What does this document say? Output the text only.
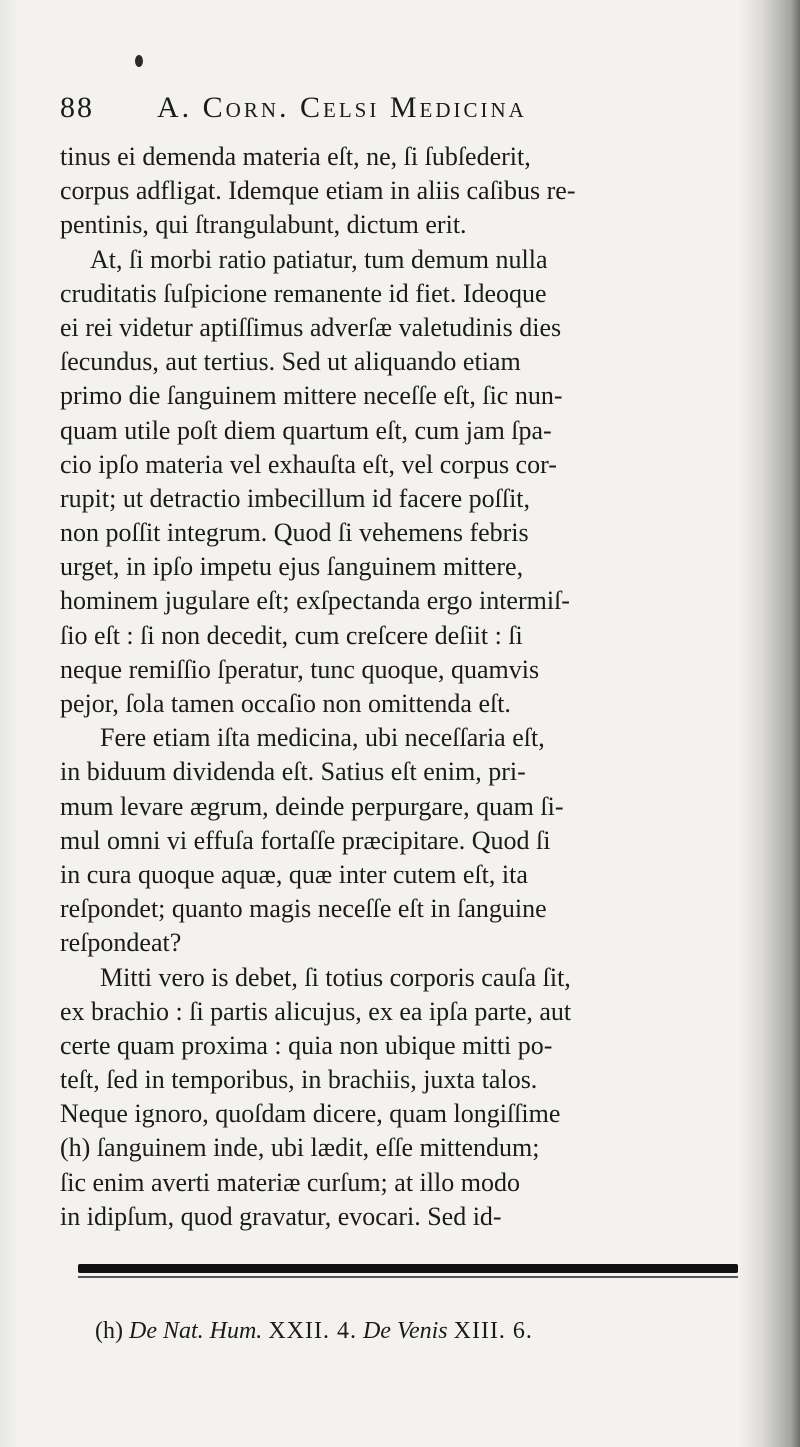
88 A. Corn. Celsi Medicina
tinus ei demenda materia eſt, ne, ſi ſubſederit,
corpus adfligat. Idemque etiam in aliis caſibus re-
pentinis, qui ſtrangulabunt, dictum erit.
At, ſi morbi ratio patiatur, tum demum nulla
cruditatis ſuſpicione remanente id fiet. Ideoque
ei rei videtur aptiſſimus adverſæ valetudinis dies
ſecundus, aut tertius. Sed ut aliquando etiam
primo die ſanguinem mittere neceſſe eſt, ſic nun-
quam utile poſt diem quartum eſt, cum jam ſpa-
cio ipſo materia vel exhauſta eſt, vel corpus cor-
rupit; ut detractio imbecillum id facere poſſit,
non poſſit integrum. Quod ſi vehemens febris
urget, in ipſo impetu ejus ſanguinem mittere,
hominem jugulare eſt; exſpectanda ergo intermiſ-
ſio eſt : ſi non decedit, cum creſcere deſiit : ſi
neque remiſſio ſperatur, tunc quoque, quamvis
pejor, ſola tamen occaſio non omittenda eſt.
Fere etiam iſta medicina, ubi neceſſaria eſt,
in biduum dividenda eſt. Satius eſt enim, pri-
mum levare ægrum, deinde perpurgare, quam ſi-
mul omni vi effuſa fortaſſe præcipitare. Quod ſi
in cura quoque aquæ, quæ inter cutem eſt, ita
reſpondet; quanto magis neceſſe eſt in ſanguine
reſpondeat?
Mitti vero is debet, ſi totius corporis cauſa ſit,
ex brachio : ſi partis alicujus, ex ea ipſa parte, aut
certe quam proxima : quia non ubique mitti po-
teſt, ſed in temporibus, in brachiis, juxta talos.
Neque ignoro, quoſdam dicere, quam longiſſime
(h) ſanguinem inde, ubi lædit, eſſe mittendum;
ſic enim averti materiæ curſum; at illo modo
in idipſum, quod gravatur, evocari. Sed id-
(h) De Nat. Hum. XXII. 4. De Venis XIII. 6.
